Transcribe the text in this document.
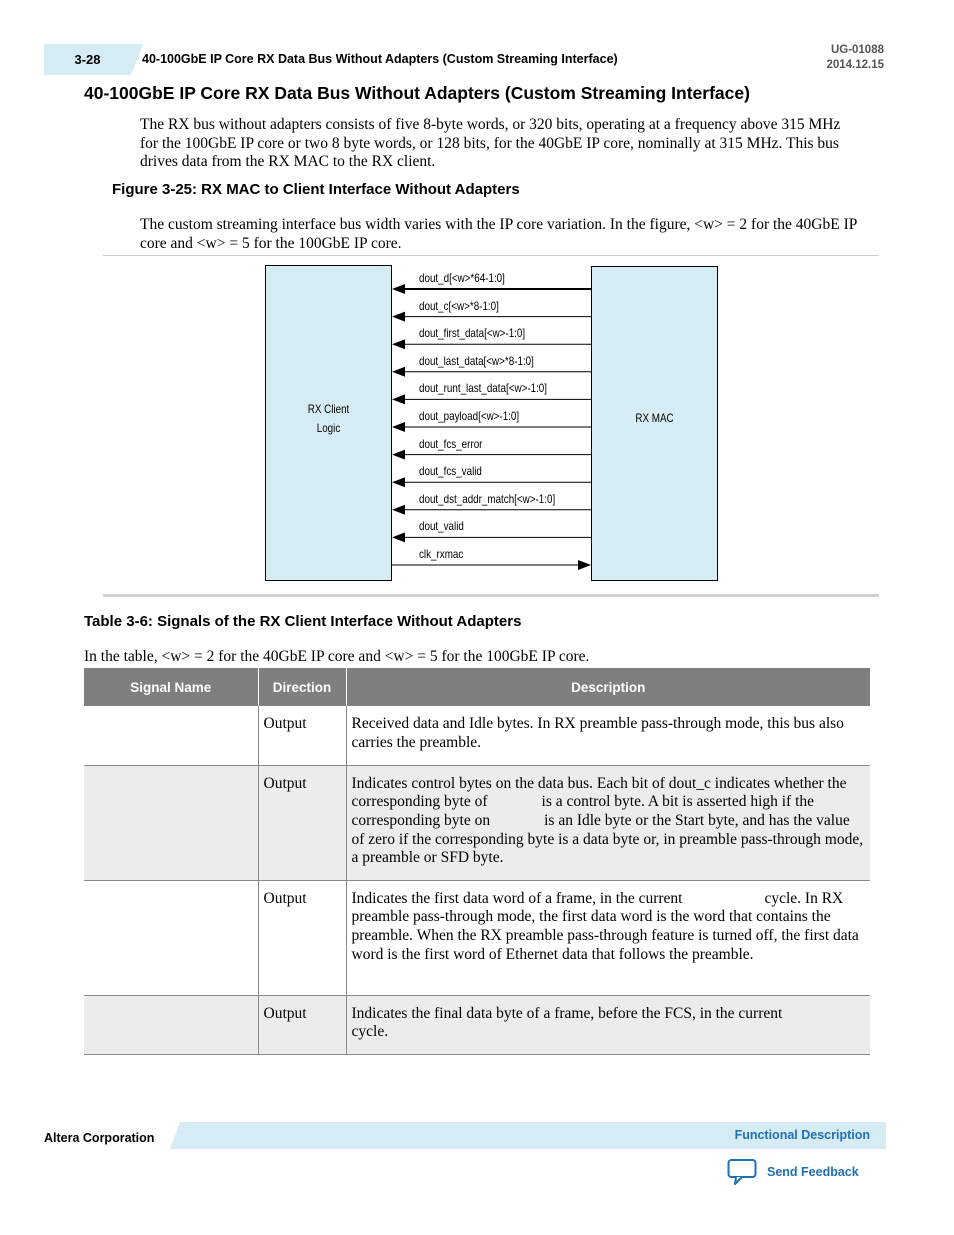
3-28	40-100GbE IP Core RX Data Bus Without Adapters (Custom Streaming Interface)
UG-01088
2014.12.15
40-100GbE IP Core RX Data Bus Without Adapters (Custom Streaming Interface)

The RX bus without adapters consists of five 8-byte words, or 320 bits, operating at a frequency above 315 MHz for the 100GbE IP core or two 8 byte words, or 128 bits, for the 40GbE IP core, nominally at 315 MHz. This bus drives data from the RX MAC to the RX client.

Figure 3-25: RX MAC to Client Interface Without Adapters

The custom streaming interface bus width varies with the IP core variation. In the figure, <w> = 2 for the 40GbE IP core and <w> = 5 for the 100GbE IP core.

RX Client
Logic
RX MAC
dout_d[<w>*64-1:0]
dout_c[<w>*8-1:0]
dout_first_data[<w>-1:0]
dout_last_data[<w>*8-1:0]
dout_runt_last_data[<w>-1:0]
dout_payload[<w>-1:0]
dout_fcs_error
dout_fcs_valid
dout_dst_addr_match[<w>-1:0]
dout_valid
clk_rxmac

Table 3-6: Signals of the RX Client Interface Without Adapters

In the table, <w> = 2 for the 40GbE IP core and <w> = 5 for the 100GbE IP core.

Signal Name	Direction	Description
	Output	Received data and Idle bytes. In RX preamble pass-through mode, this bus also carries the preamble.
	Output	Indicates control bytes on the data bus. Each bit of dout_c indicates whether the corresponding byte of is a control byte. A bit is asserted high if the corresponding byte on is an Idle byte or the Start byte, and has the value of zero if the corresponding byte is a data byte or, in preamble pass-through mode, a preamble or SFD byte.
	Output	Indicates the first data word of a frame, in the current cycle. In RX preamble pass-through mode, the first data word is the word that contains the preamble. When the RX preamble pass-through feature is turned off, the first data word is the first word of Ethernet data that follows the preamble.
	Output	Indicates the final data byte of a frame, before the FCS, in the currentcycle.
Altera Corporation	Functional Description
Send Feedback
